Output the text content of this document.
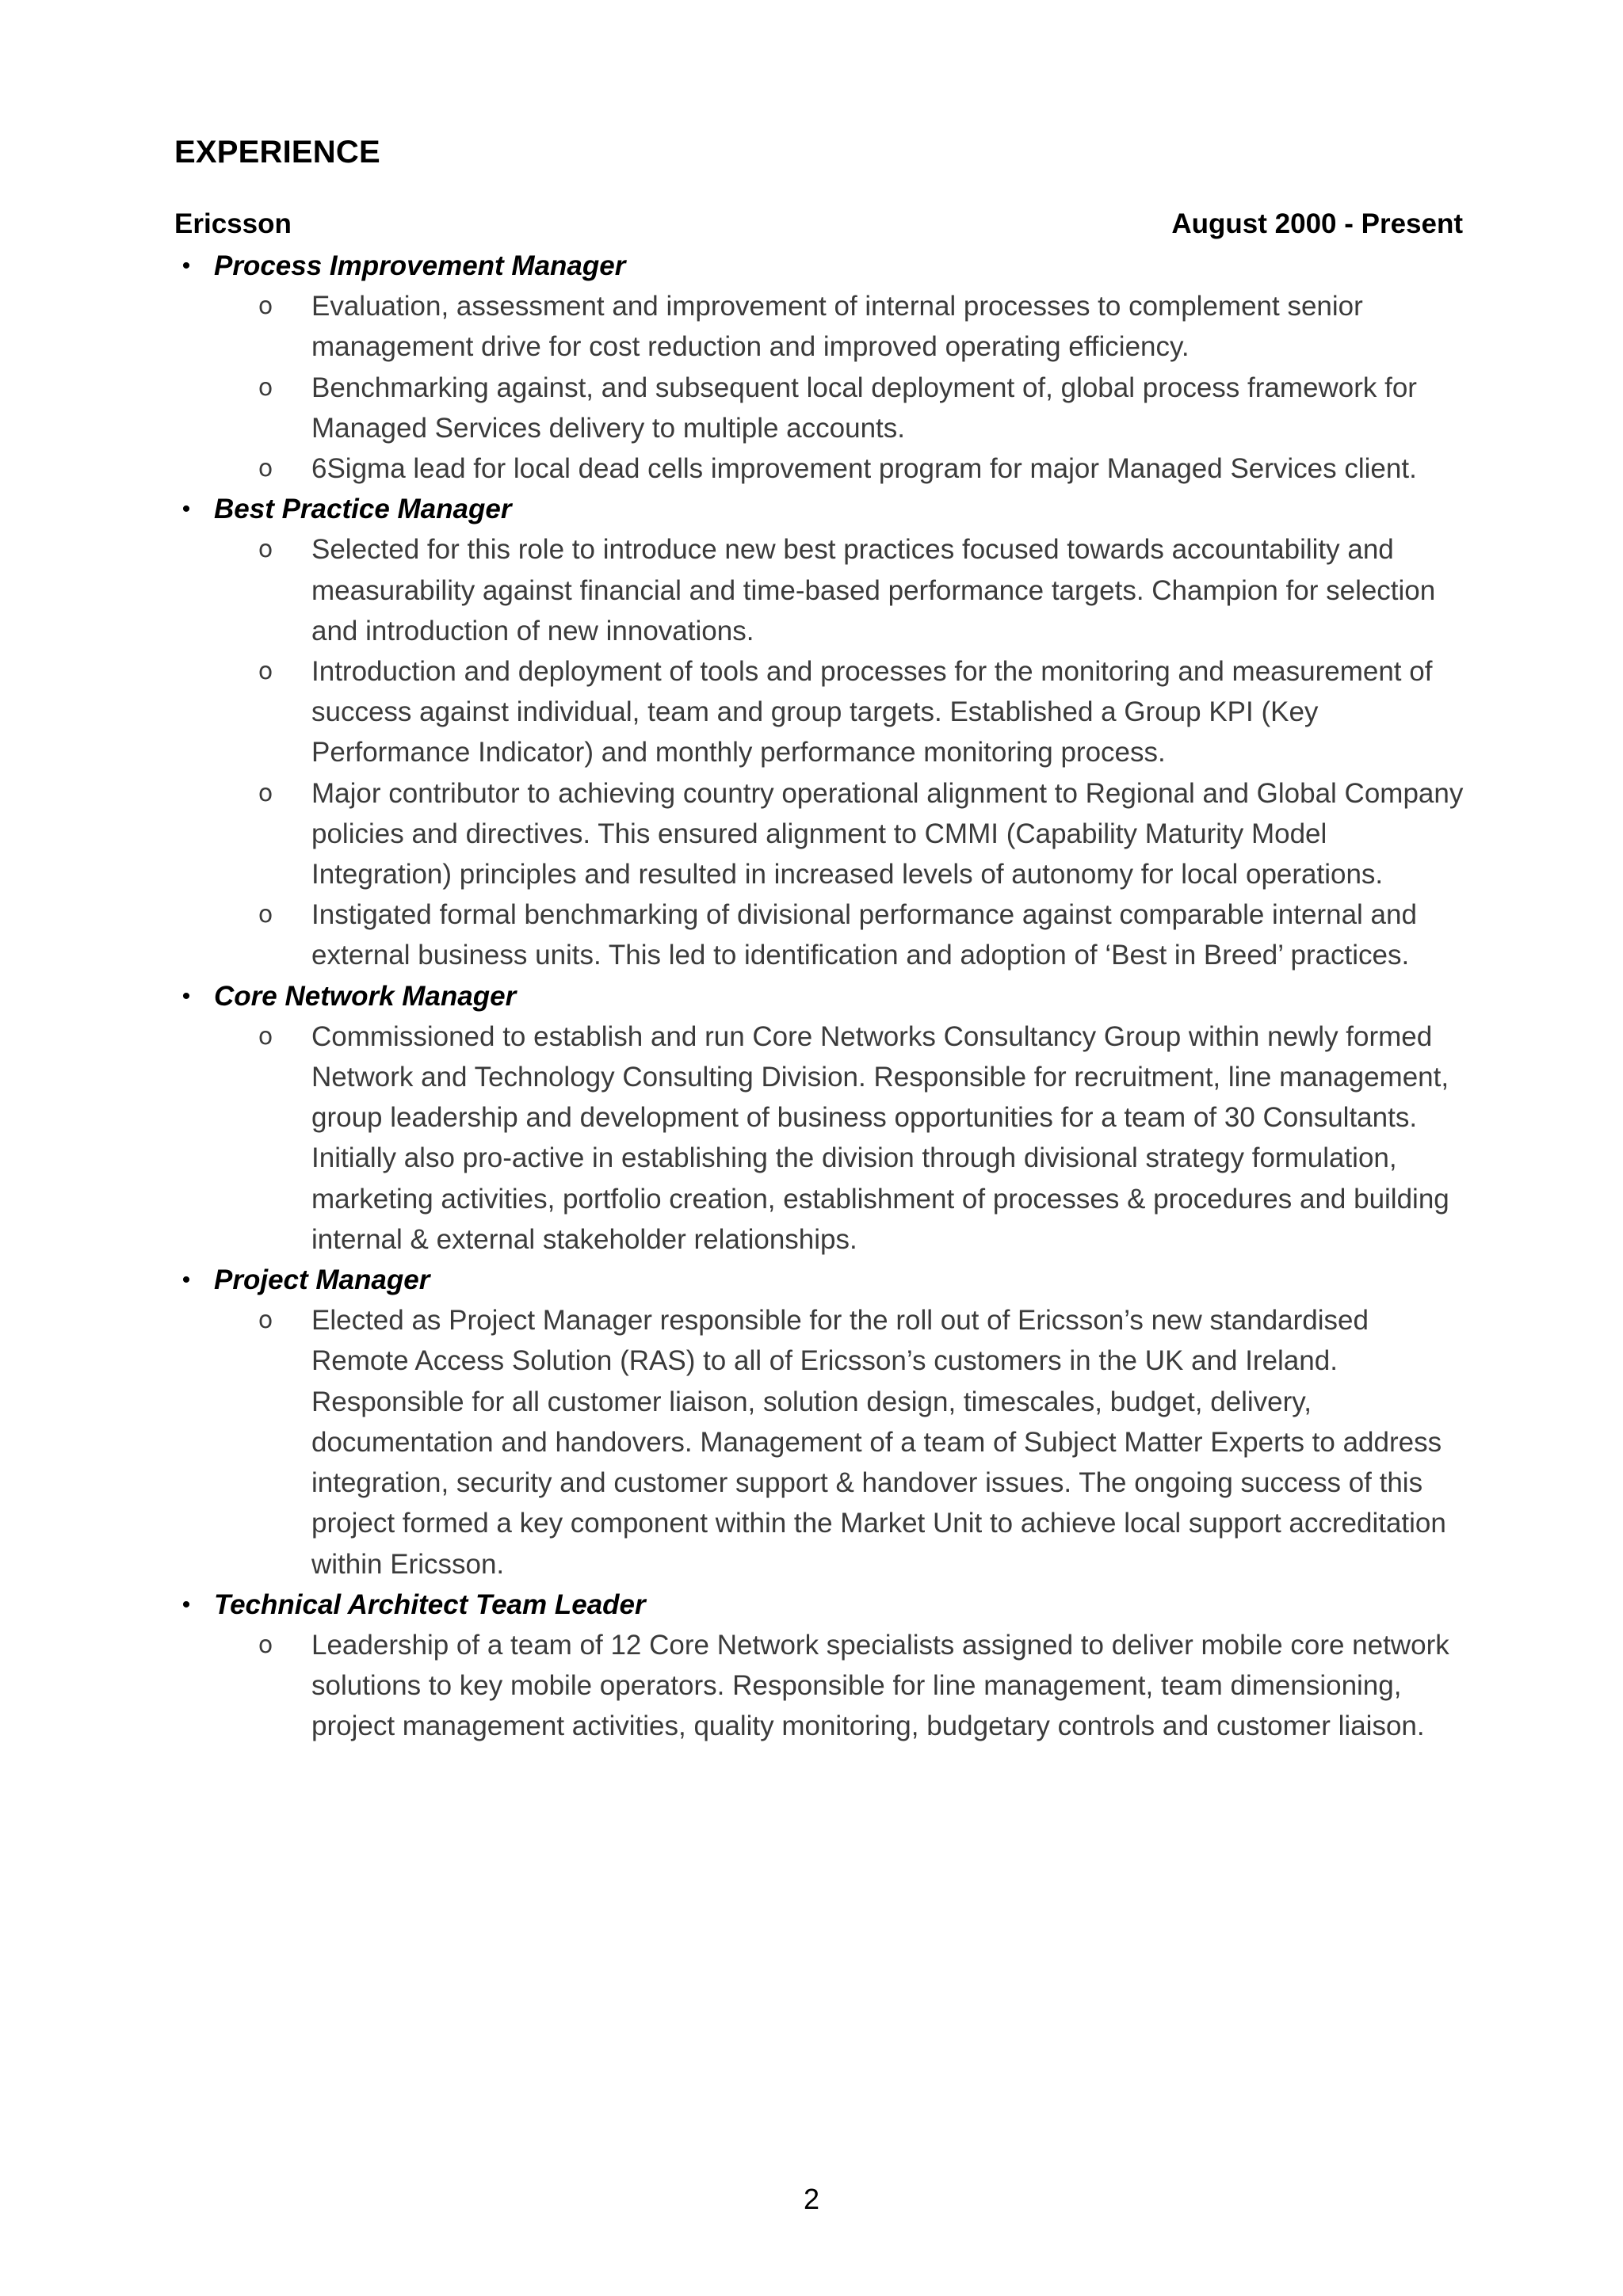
EXPERIENCE
Ericsson	August 2000 - Present
• Process Improvement Manager
o Evaluation, assessment and improvement of internal processes to complement senior management drive for cost reduction and improved operating efficiency.
o Benchmarking against, and subsequent local deployment of, global process framework for Managed Services delivery to multiple accounts.
o 6Sigma lead for local dead cells improvement program for major Managed Services client.
• Best Practice Manager
o Selected for this role to introduce new best practices focused towards accountability and measurability against financial and time-based performance targets. Champion for selection and introduction of new innovations.
o Introduction and deployment of tools and processes for the monitoring and measurement of success against individual, team and group targets. Established a Group KPI (Key Performance Indicator) and monthly performance monitoring process.
o Major contributor to achieving country operational alignment to Regional and Global Company policies and directives. This ensured alignment to CMMI (Capability Maturity Model Integration) principles and resulted in increased levels of autonomy for local operations.
o Instigated formal benchmarking of divisional performance against comparable internal and external business units. This led to identification and adoption of ‘Best in Breed’ practices.
• Core Network Manager
o Commissioned to establish and run Core Networks Consultancy Group within newly formed Network and Technology Consulting Division. Responsible for recruitment, line management, group leadership and development of business opportunities for a team of 30 Consultants. Initially also pro-active in establishing the division through divisional strategy formulation, marketing activities, portfolio creation, establishment of processes & procedures and building internal & external stakeholder relationships.
• Project Manager
o Elected as Project Manager responsible for the roll out of Ericsson’s new standardised Remote Access Solution (RAS) to all of Ericsson’s customers in the UK and Ireland. Responsible for all customer liaison, solution design, timescales, budget, delivery, documentation and handovers. Management of a team of Subject Matter Experts to address integration, security and customer support & handover issues. The ongoing success of this project formed a key component within the Market Unit to achieve local support accreditation within Ericsson.
• Technical Architect Team Leader
o Leadership of a team of 12 Core Network specialists assigned to deliver mobile core network solutions to key mobile operators. Responsible for line management, team dimensioning, project management activities, quality monitoring, budgetary controls and customer liaison.
2
